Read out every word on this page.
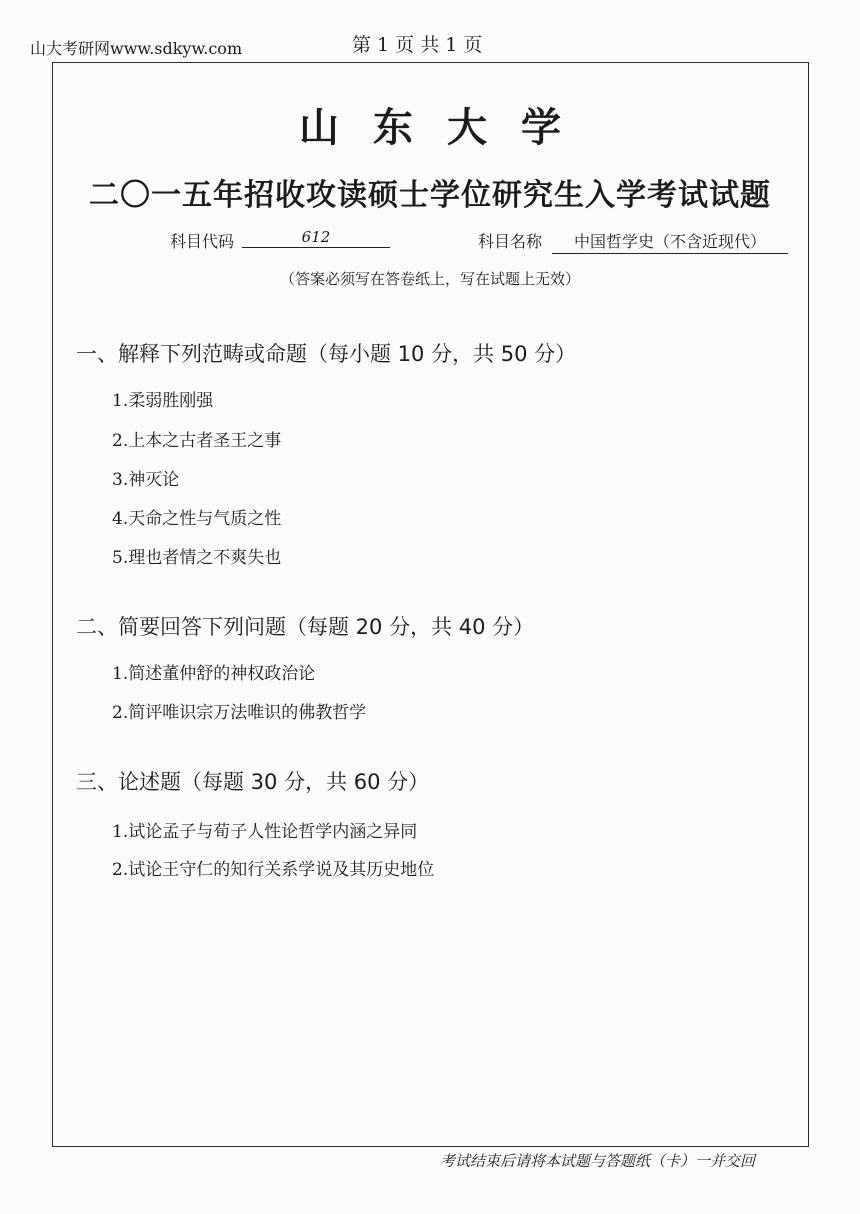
山大考研网www.sdkyw.com	第 1 页 共 1 页
山东大学
二〇一五年招收攻读硕士学位研究生入学考试试题
科目代码	612	科目名称	中国哲学史（不含近现代）
（答案必须写在答卷纸上，写在试题上无效）
一、解释下列范畴或命题（每小题 10 分，共 50 分）
1.柔弱胜刚强
2.上本之古者圣王之事
3.神灭论
4.天命之性与气质之性
5.理也者情之不爽失也
二、简要回答下列问题（每题 20 分，共 40 分）
1.简述董仲舒的神权政治论
2.简评唯识宗万法唯识的佛教哲学
三、论述题（每题 30 分，共 60 分）
1.试论孟子与荀子人性论哲学内涵之异同
2.试论王守仁的知行关系学说及其历史地位
考试结束后请将本试题与答题纸（卡）一并交回
